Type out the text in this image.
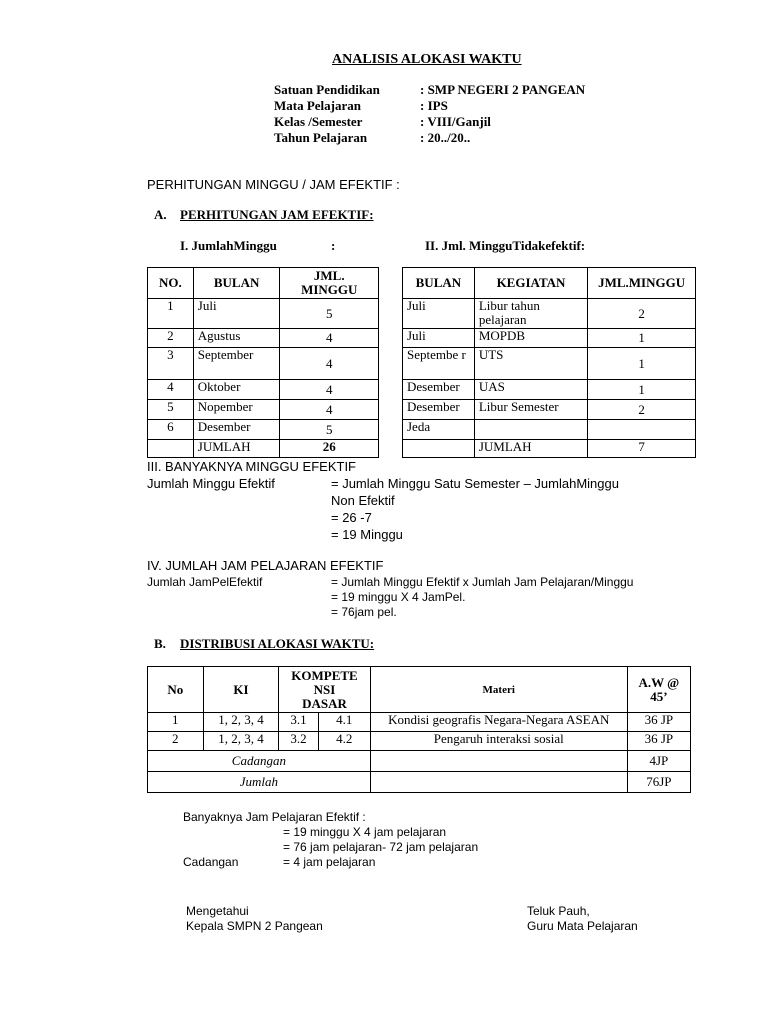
ANALISIS ALOKASI WAKTU
Satuan Pendidikan	: SMP NEGERI 2 PANGEAN
Mata Pelajaran	: IPS
Kelas /Semester	: VIII/Ganjil
Tahun Pelajaran	: 20../20..
PERHITUNGAN MINGGU / JAM EFEKTIF :
A. PERHITUNGAN JAM EFEKTIF:
I. JumlahMinggu	:	II. Jml. MingguTidakefektif:
NO.	BULAN	JML. MINGGU
1	Juli	5
2	Agustus	4
3	September	4
4	Oktober	4
5	Nopember	4
6	Desember	5
	JUMLAH	26
BULAN	KEGIATAN	JML.MINGGU
Juli	Libur tahun pelajaran	2
Juli	MOPDB	1
Septembe r	UTS	1
Desember	UAS	1
Desember	Libur Semester	2
Jeda		
	JUMLAH	7
III. BANYAKNYA MINGGU EFEKTIF
Jumlah Minggu Efektif	= Jumlah Minggu Satu Semester – JumlahMinggu
Non Efektif
= 26 -7
= 19 Minggu
IV. JUMLAH JAM PELAJARAN EFEKTIF
Jumlah JamPelEfektif	= Jumlah Minggu Efektif x Jumlah Jam Pelajaran/Minggu
= 19 minggu X 4 JamPel.
= 76jam pel.
B. DISTRIBUSI ALOKASI WAKTU:
No	KI	KOMPETE NSI DASAR		Materi	A.W @ 45’
1	1, 2, 3, 4	3.1	4.1	Kondisi geografis Negara-Negara ASEAN	36 JP
2	1, 2, 3, 4	3.2	4.2	Pengaruh interaksi sosial	36 JP
Cadangan					4JP
Jumlah					76JP
Banyaknya Jam Pelajaran Efektif :
= 19 minggu X 4 jam pelajaran
= 76 jam pelajaran- 72 jam pelajaran
Cadangan	= 4 jam pelajaran
Mengetahui
Kepala SMPN 2 Pangean
Teluk Pauh,
Guru Mata Pelajaran
